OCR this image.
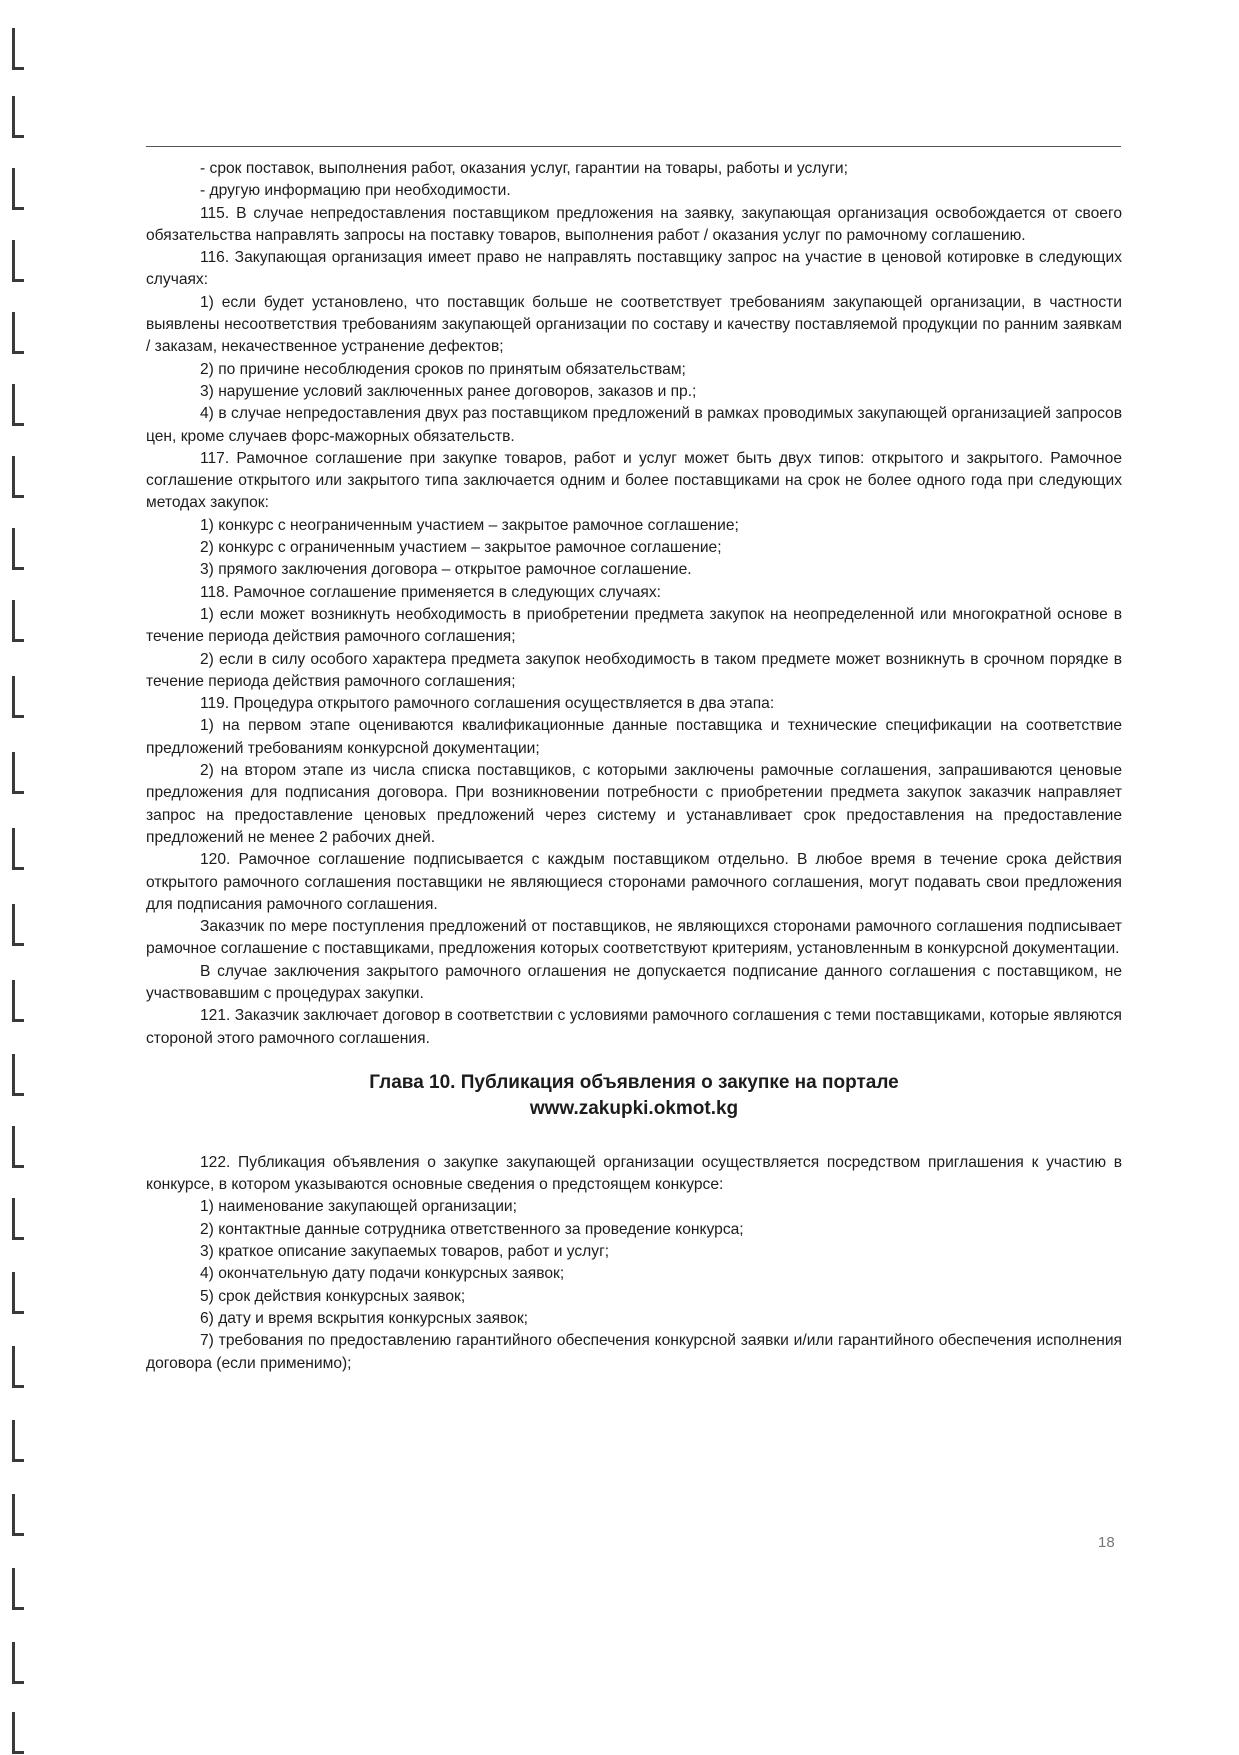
- срок поставок, выполнения работ, оказания услуг, гарантии на товары, работы и услуги;

- другую информацию при необходимости.

115. В случае непредоставления поставщиком предложения на заявку, закупающая организация освобождается от своего обязательства направлять запросы на поставку товаров, выполнения работ / оказания услуг по рамочному соглашению.

116. Закупающая организация имеет право не направлять поставщику запрос на участие в ценовой котировке в следующих случаях:

1) если будет установлено, что поставщик больше не соответствует требованиям закупающей организации, в частности выявлены несоответствия требованиям закупающей организации по составу и качеству поставляемой продукции по ранним заявкам / заказам, некачественное устранение дефектов;

2) по причине несоблюдения сроков по принятым обязательствам;

3) нарушение условий заключенных ранее договоров, заказов и пр.;

4) в случае непредоставления двух раз поставщиком предложений в рамках проводимых закупающей организацией запросов цен, кроме случаев форс-мажорных обязательств.

117. Рамочное соглашение при закупке товаров, работ и услуг может быть двух типов: открытого и закрытого. Рамочное соглашение открытого или закрытого типа заключается одним и более поставщиками на срок не более одного года при следующих методах закупок:

1) конкурс с неограниченным участием – закрытое рамочное соглашение;

2) конкурс с ограниченным участием – закрытое рамочное соглашение;

3) прямого заключения договора – открытое рамочное соглашение.

118. Рамочное соглашение применяется в следующих случаях:

1) если может возникнуть необходимость в приобретении предмета закупок на неопределенной или многократной основе в течение периода действия рамочного соглашения;

2) если в силу особого характера предмета закупок необходимость в таком предмете может возникнуть в срочном порядке в течение периода действия рамочного соглашения;

119. Процедура открытого рамочного соглашения осуществляется в два этапа:

1) на первом этапе оцениваются квалификационные данные поставщика и технические спецификации на соответствие предложений требованиям конкурсной документации;

2) на втором этапе из числа списка поставщиков, с которыми заключены рамочные соглашения, запрашиваются ценовые предложения для подписания договора. При возникновении потребности с приобретении предмета закупок заказчик направляет запрос на предоставление ценовых предложений через систему и устанавливает срок предоставления на предоставление предложений не менее 2 рабочих дней.

120. Рамочное соглашение подписывается с каждым поставщиком отдельно. В любое время в течение срока действия открытого рамочного соглашения поставщики не являющиеся сторонами рамочного соглашения, могут подавать свои предложения для подписания рамочного соглашения.

Заказчик по мере поступления предложений от поставщиков, не являющихся сторонами рамочного соглашения подписывает рамочное соглашение с поставщиками, предложения которых соответствуют критериям, установленным в конкурсной документации.

В случае заключения закрытого рамочного оглашения не допускается подписание данного соглашения с поставщиком, не участвовавшим с процедурах закупки.

121. Заказчик заключает договор в соответствии с условиями рамочного соглашения с теми поставщиками, которые являются стороной этого рамочного соглашения.

Глава 10. Публикация объявления о закупке на портале
www.zakupki.okmot.kg

122. Публикация объявления о закупке закупающей организации осуществляется посредством приглашения к участию в конкурсе, в котором указываются основные сведения о предстоящем конкурсе:

1) наименование закупающей организации;

2) контактные данные сотрудника ответственного за проведение конкурса;

3) краткое описание закупаемых товаров, работ и услуг;

4) окончательную дату подачи конкурсных заявок;

5) срок действия конкурсных заявок;

6) дату и время вскрытия конкурсных заявок;

7) требования по предоставлению гарантийного обеспечения конкурсной заявки и/или гарантийного обеспечения исполнения договора (если применимо);

18
